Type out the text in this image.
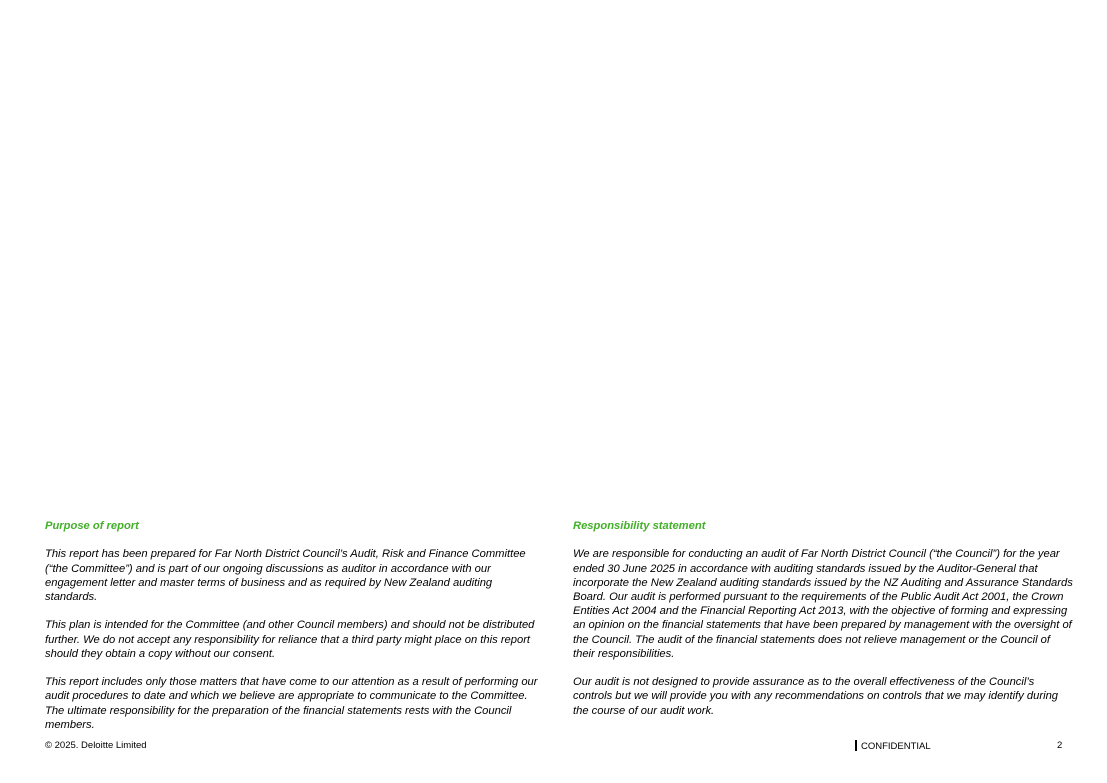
Purpose of report

This report has been prepared for Far North District Council’s Audit, Risk and Finance Committee (“the Committee”) and is part of our ongoing discussions as auditor in accordance with our engagement letter and master terms of business and as required by New Zealand auditing standards.

This plan is intended for the Committee (and other Council members) and should not be distributed further. We do not accept any responsibility for reliance that a third party might place on this report should they obtain a copy without our consent.

This report includes only those matters that have come to our attention as a result of performing our audit procedures to date and which we believe are appropriate to communicate to the Committee. The ultimate responsibility for the preparation of the financial statements rests with the Council members.

Responsibility statement

We are responsible for conducting an audit of Far North District Council (“the Council”) for the year ended 30 June 2025 in accordance with auditing standards issued by the Auditor-General that incorporate the New Zealand auditing standards issued by the NZ Auditing and Assurance Standards Board. Our audit is performed pursuant to the requirements of the Public Audit Act 2001, the Crown Entities Act 2004 and the Financial Reporting Act 2013, with the objective of forming and expressing an opinion on the financial statements that have been prepared by management with the oversight of the Council. The audit of the financial statements does not relieve management or the Council of their responsibilities.

Our audit is not designed to provide assurance as to the overall effectiveness of the Council’s controls but we will provide you with any recommendations on controls that we may identify during the course of our audit work.

© 2025. Deloitte Limited	CONFIDENTIAL	2
